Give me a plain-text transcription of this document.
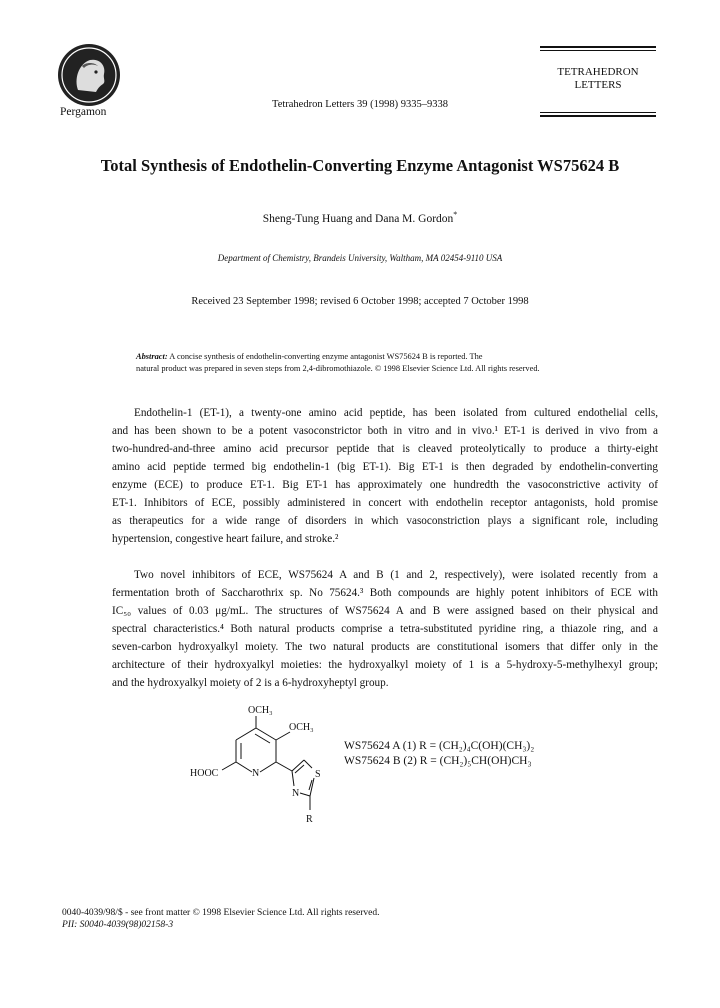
Pergamon
Tetrahedron Letters 39 (1998) 9335–9338
TETRAHEDRON
LETTERS
Total Synthesis of Endothelin-Converting Enzyme Antagonist WS75624 B
Sheng-Tung Huang and Dana M. Gordon*
Department of Chemistry, Brandeis University, Waltham, MA 02454-9110 USA
Received 23 September 1998; revised 6 October 1998; accepted 7 October 1998
Abstract: A concise synthesis of endothelin-converting enzyme antagonist WS75624 B is reported. The
natural product was prepared in seven steps from 2,4-dibromothiazole. © 1998 Elsevier Science Ltd. All rights reserved.
Endothelin-1 (ET-1), a twenty-one amino acid peptide, has been isolated from cultured endothelial cells,
and has been shown to be a potent vasoconstrictor both in vitro and in vivo.¹ ET-1 is derived in vivo from a
two-hundred-and-three amino acid precursor peptide that is cleaved proteolytically to produce a thirty-eight
amino acid peptide termed big endothelin-1 (big ET-1). Big ET-1 is then degraded by endothelin-converting
enzyme (ECE) to produce ET-1. Big ET-1 has approximately one hundredth the vasoconstrictive activity of
ET-1. Inhibitors of ECE, possibly administered in concert with endothelin receptor antagonists, hold promise
as therapeutics for a wide range of disorders in which vasoconstriction plays a significant role, including
hypertension, congestive heart failure, and stroke.²
Two novel inhibitors of ECE, WS75624 A and B (1 and 2, respectively), were isolated recently from a
fermentation broth of Saccharothrix sp. No 75624.³ Both compounds are highly potent inhibitors of ECE with
IC₅₀ values of 0.03 μg/mL. The structures of WS75624 A and B were assigned based on their physical and
spectral characteristics.⁴ Both natural products comprise a tetra-substituted pyridine ring, a thiazole ring, and a
seven-carbon hydroxyalkyl moiety. The two natural products are constitutional isomers that differ only in the
architecture of their hydroxyalkyl moieties: the hydroxyalkyl moiety of 1 is a 5-hydroxy-5-methylhexyl group;
and the hydroxyalkyl moiety of 2 is a 6-hydroxyheptyl group.
OCH₃
OCH₃
HOOC	N	S
N
R
WS75624 A (1) R = (CH₂)₄C(OH)(CH₃)₂
WS75624 B (2) R = (CH₂)₅CH(OH)CH₃
0040-4039/98/$ - see front matter © 1998 Elsevier Science Ltd. All rights reserved.
PII: S0040-4039(98)02158-3
